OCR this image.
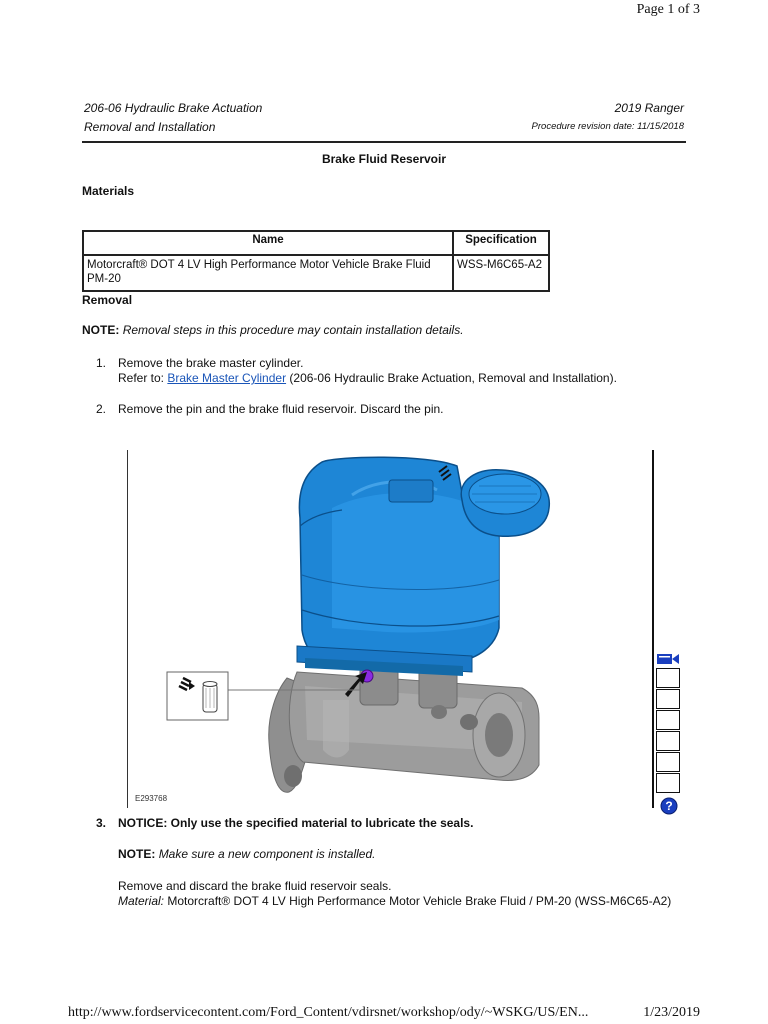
Page 1 of 3
206-06 Hydraulic Brake Actuation
Removal and Installation
2019 Ranger
Procedure revision date: 11/15/2018
Brake Fluid Reservoir
Materials
Name	Specification
Motorcraft® DOT 4 LV High Performance Motor Vehicle Brake Fluid PM-20	WSS-M6C65-A2
Removal
NOTE: Removal steps in this procedure may contain installation details.
1. Remove the brake master cylinder.
Refer to: Brake Master Cylinder (206-06 Hydraulic Brake Actuation, Removal and Installation).
2. Remove the pin and the brake fluid reservoir. Discard the pin.
E293768
?
3. NOTICE: Only use the specified material to lubricate the seals.
NOTE: Make sure a new component is installed.
Remove and discard the brake fluid reservoir seals.
Material: Motorcraft® DOT 4 LV High Performance Motor Vehicle Brake Fluid / PM-20 (WSS-M6C65-A2)
http://www.fordservicecontent.com/Ford_Content/vdirsnet/workshop/ody/~WSKG/US/EN...	1/23/2019
